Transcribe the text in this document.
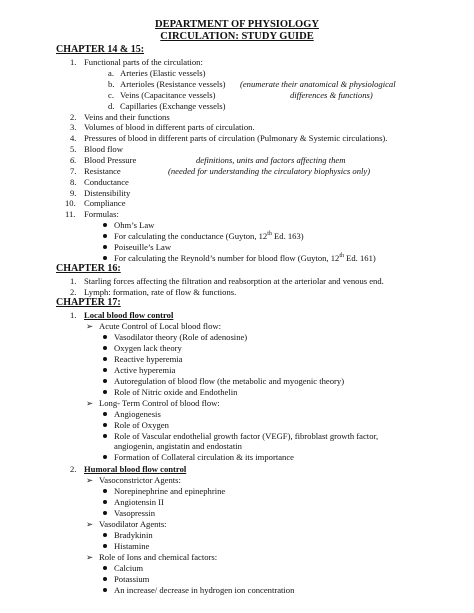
DEPARTMENT OF PHYSIOLOGY
CIRCULATION: STUDY GUIDE
CHAPTER 14 & 15:
1. Functional parts of the circulation:
a. Arteries (Elastic vessels)
b. Arterioles (Resistance vessels) (enumerate their anatomical & physiological
c. Veins (Capacitance vessels)	differences & functions)
d. Capillaries (Exchange vessels)
2. Veins and their functions
3. Volumes of blood in different parts of circulation.
4. Pressures of blood in different parts of circulation (Pulmonary & Systemic circulations).
5. Blood flow
6. Blood Pressure	definitions, units and factors affecting them
7. Resistance	(needed for understanding the circulatory biophysics only)
8. Conductance
9. Distensibility
10. Compliance
11. Formulas:
Ohm’s Law
For calculating the conductance (Guyton, 12th Ed. 163)
Poiseuille’s Law
For calculating the Reynold’s number for blood flow (Guyton, 12th Ed. 161)
CHAPTER 16:
1. Starling forces affecting the filtration and reabsorption at the arteriolar and venous end.
2. Lymph: formation, rate of flow & functions.
CHAPTER 17:
1. Local blood flow control
➢ Acute Control of Local blood flow:
Vasodilator theory (Role of adenosine)
Oxygen lack theory
Reactive hyperemia
Active hyperemia
Autoregulation of blood flow (the metabolic and myogenic theory)
Role of Nitric oxide and Endothelin
➢ Long- Term Control of blood flow:
Angiogenesis
Role of Oxygen
Role of Vascular endothelial growth factor (VEGF), fibroblast growth factor,
angiogenin, angistatin and endostatin
Formation of Collateral circulation & its importance
2. Humoral blood flow control
➢ Vasoconstrictor Agents:
Norepinephrine and epinephrine
Angiotensin II
Vasopressin
➢ Vasodilator Agents:
Bradykinin
Histamine
➢ Role of Ions and chemical factors:
Calcium
Potassium
An increase/ decrease in hydrogen ion concentration
